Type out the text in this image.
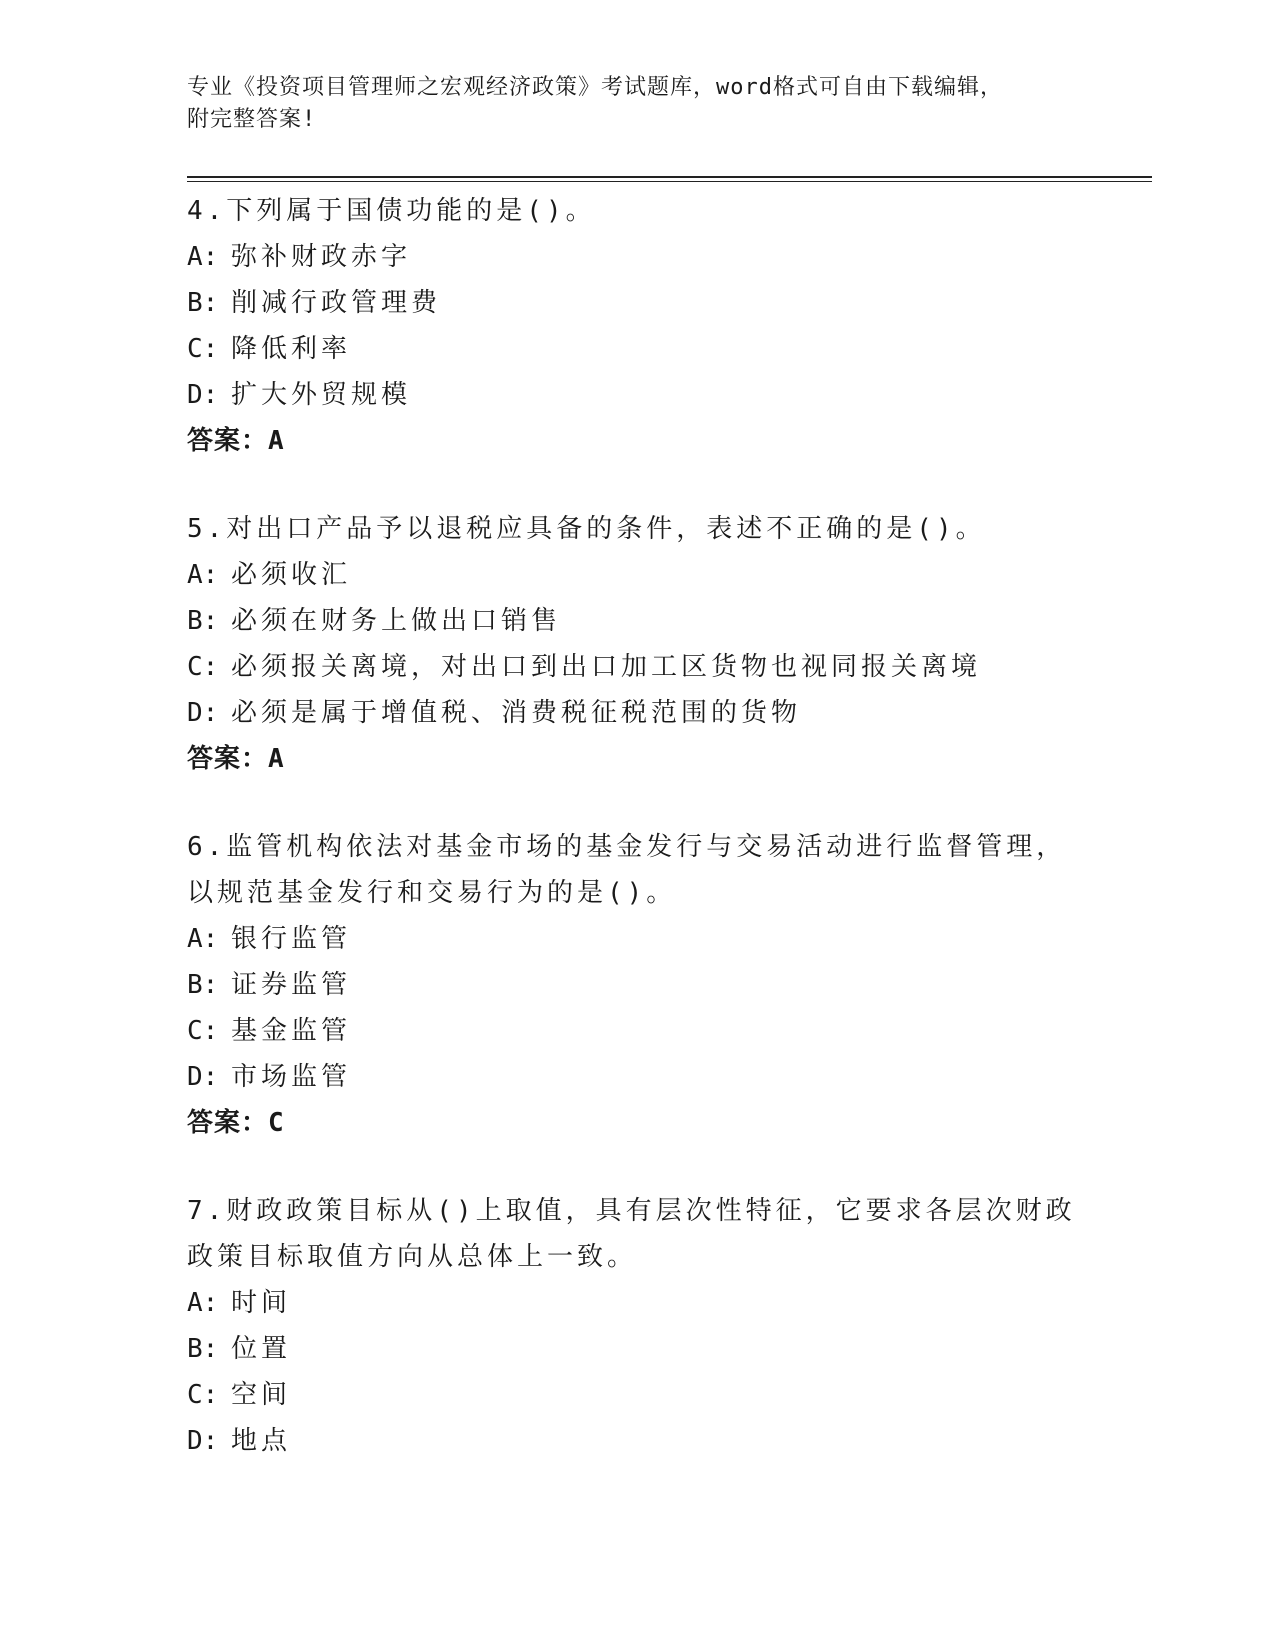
专业《投资项目管理师之宏观经济政策》考试题库，word格式可自由下载编辑，
附完整答案!

4.下列属于国债功能的是()。

A: 弥补财政赤字

B: 削减行政管理费

C: 降低利率

D: 扩大外贸规模

答案：A

5.对出口产品予以退税应具备的条件，表述不正确的是()。

A: 必须收汇

B: 必须在财务上做出口销售

C: 必须报关离境，对出口到出口加工区货物也视同报关离境

D: 必须是属于增值税、消费税征税范围的货物

答案：A

6.监管机构依法对基金市场的基金发行与交易活动进行监督管理，以规范基金发行和交易行为的是()。

A: 银行监管

B: 证券监管

C: 基金监管

D: 市场监管

答案：C

7.财政政策目标从()上取值，具有层次性特征，它要求各层次财政政策目标取值方向从总体上一致。

A: 时间

B: 位置

C: 空间

D: 地点
